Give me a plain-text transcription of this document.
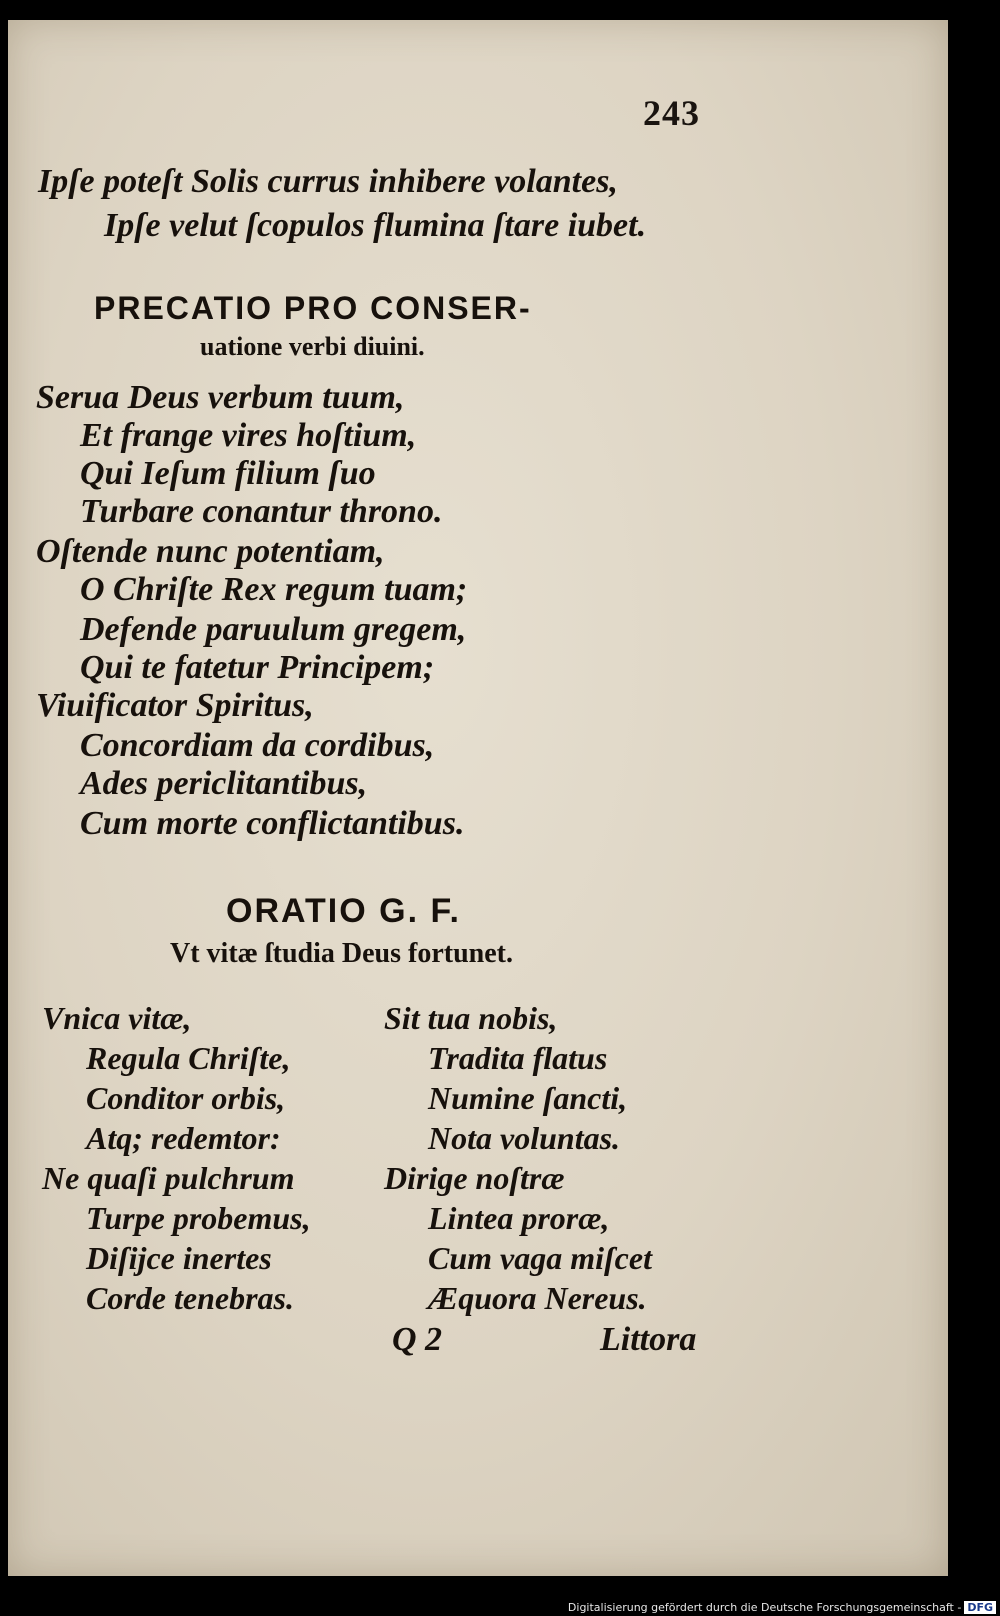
243
Ipſe poteſt Solis currus inhibere volantes,
Ipſe velut ſcopulos flumina ſtare iubet.
PRECATIO PRO CONSER-
uatione verbi diuini.
Serua Deus verbum tuum,
Et frange vires hoſtium,
Qui Ieſum filium ſuo
Turbare conantur throno.
Oſtende nunc potentiam,
O Chriſte Rex regum tuam;
Defende paruulum gregem,
Qui te fatetur Principem;
Viuificator Spiritus,
Concordiam da cordibus,
Ades periclitantibus,
Cum morte conflictantibus.
ORATIO G. F.
Vt vitæ ſtudia Deus fortunet.
Vnica vitæ,
Regula Chriſte,
Conditor orbis,
Atq; redemtor:
Ne quaſi pulchrum
Turpe probemus,
Diſijce inertes
Corde tenebras.
Sit tua nobis,
Tradita flatus
Numine ſancti,
Nota voluntas.
Dirige noſtræ
Lintea proræ,
Cum vaga miſcet
Æquora Nereus.
Q 2	Littora
Digitalisierung gefördert durch die Deutsche Forschungsgemeinschaft - DFG
